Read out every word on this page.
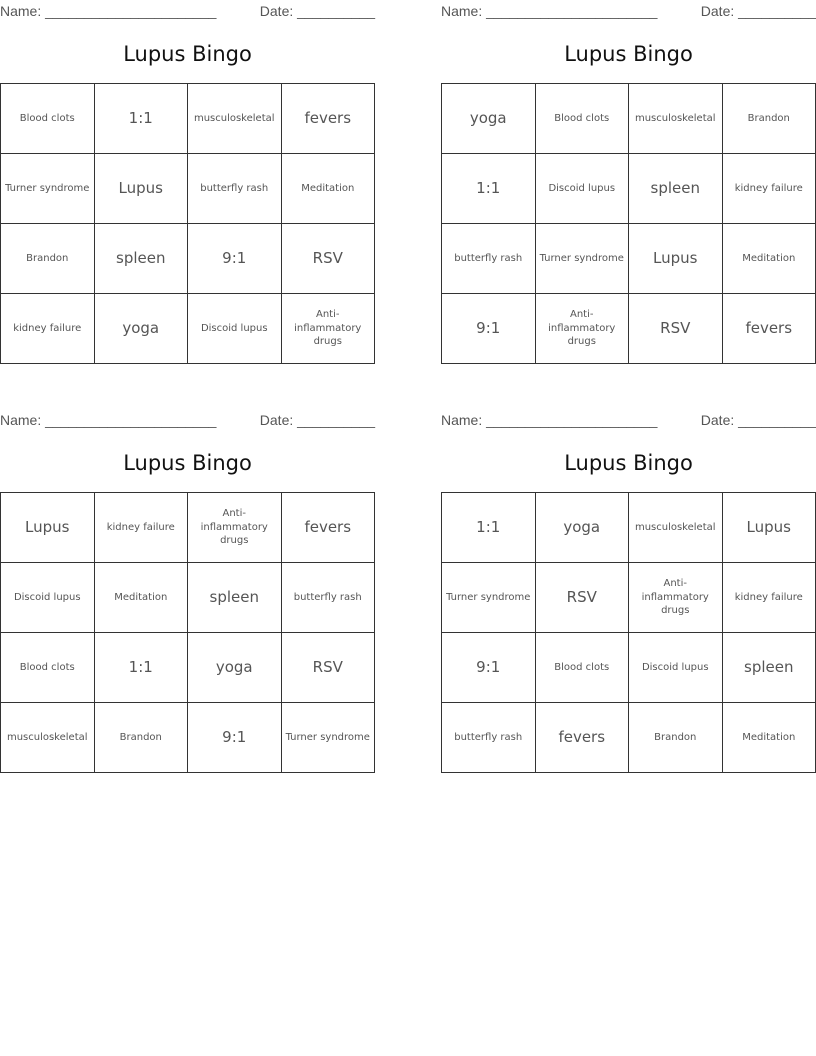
Name: ______________________	Date: __________
Lupus Bingo
Blood clots	1:1	musculoskeletal	fevers
Turner syndrome	Lupus	butterfly rash	Meditation
Brandon	spleen	9:1	RSV
kidney failure	yoga	Discoid lupus	Anti-inflammatory drugs
Name: ______________________	Date: __________
Lupus Bingo
yoga	Blood clots	musculoskeletal	Brandon
1:1	Discoid lupus	spleen	kidney failure
butterfly rash	Turner syndrome	Lupus	Meditation
9:1	Anti-inflammatory drugs	RSV	fevers
Name: ______________________	Date: __________
Lupus Bingo
Lupus	kidney failure	Anti-inflammatory drugs	fevers
Discoid lupus	Meditation	spleen	butterfly rash
Blood clots	1:1	yoga	RSV
musculoskeletal	Brandon	9:1	Turner syndrome
Name: ______________________	Date: __________
Lupus Bingo
1:1	yoga	musculoskeletal	Lupus
Turner syndrome	RSV	Anti-inflammatory drugs	kidney failure
9:1	Blood clots	Discoid lupus	spleen
butterfly rash	fevers	Brandon	Meditation
